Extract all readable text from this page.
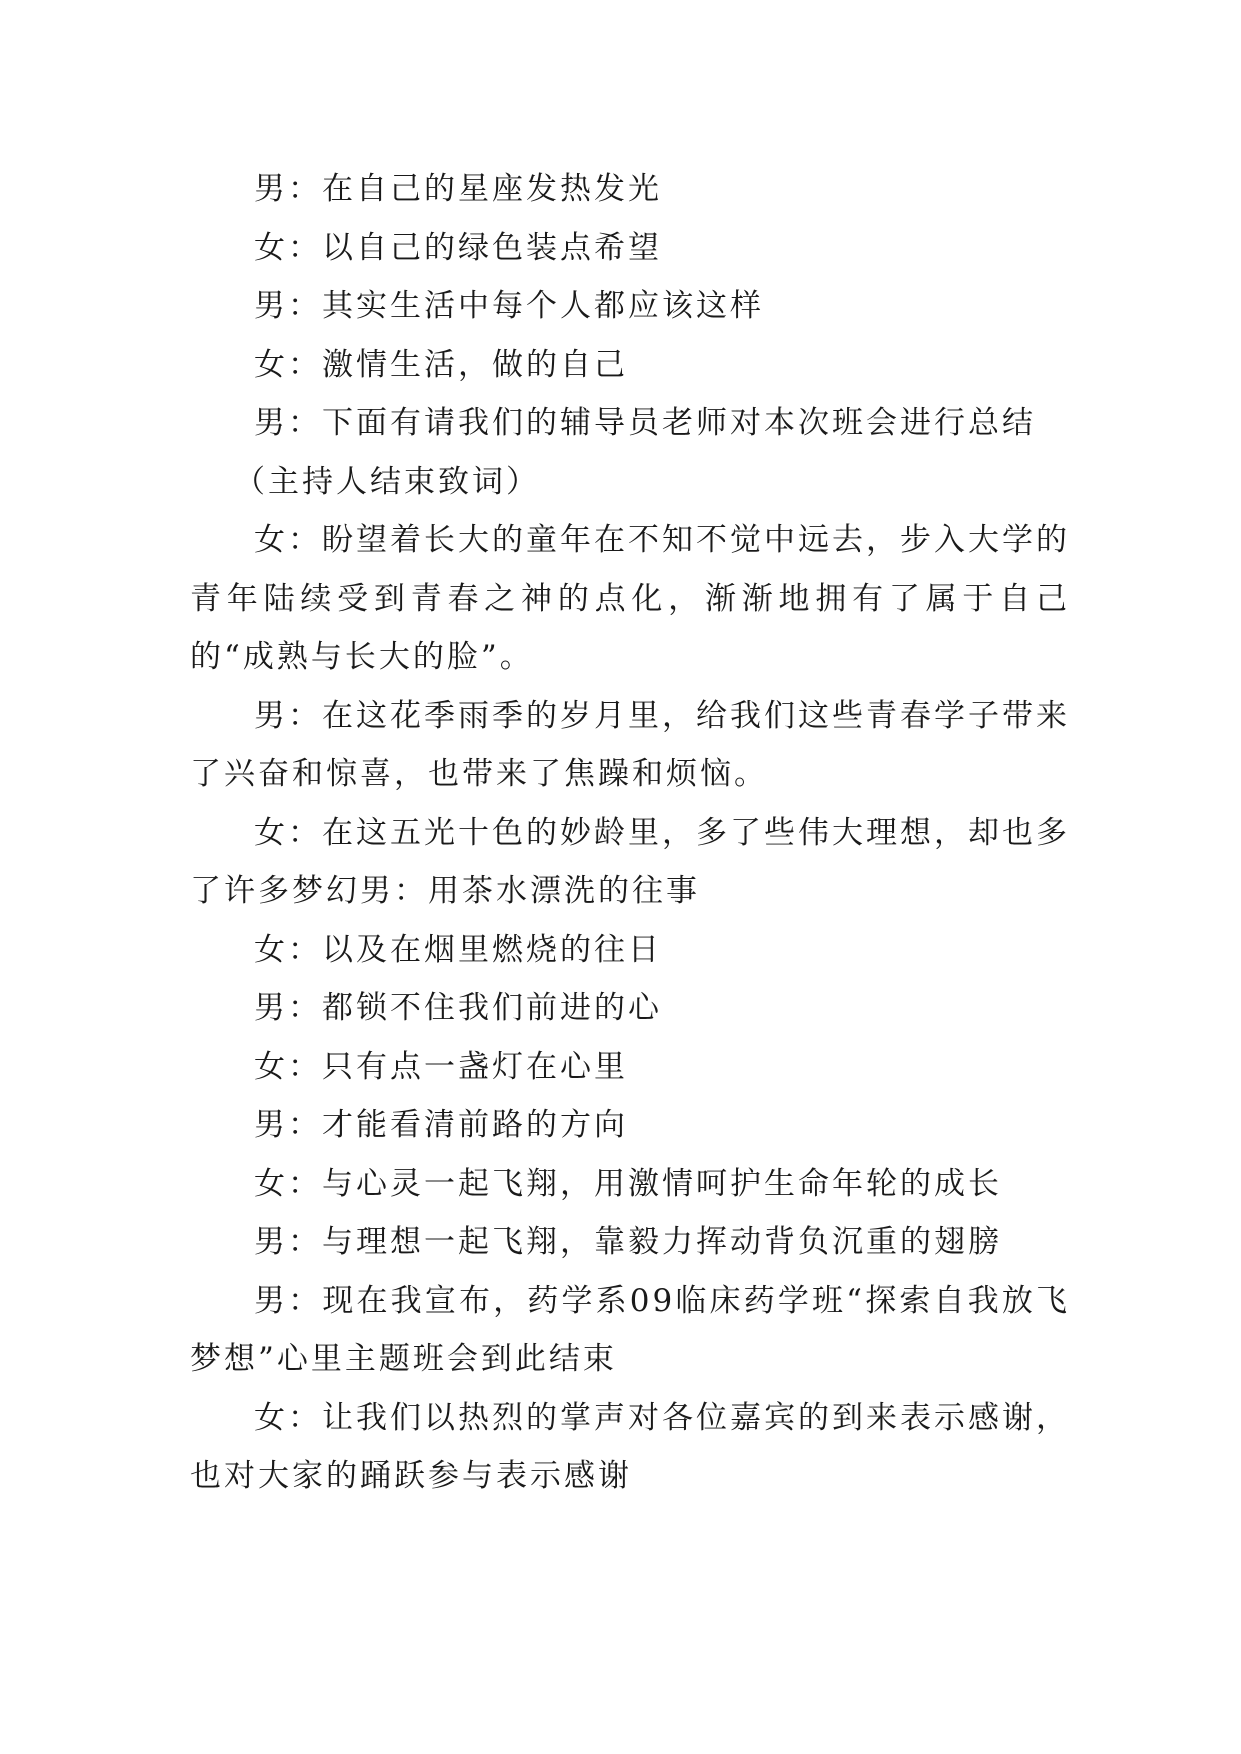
男：在自己的星座发热发光

女：以自己的绿色装点希望

男：其实生活中每个人都应该这样

女：激情生活，做的自己

男：下面有请我们的辅导员老师对本次班会进行总结

（主持人结束致词）

女：盼望着长大的童年在不知不觉中远去，步入大学的青年陆续受到青春之神的点化，渐渐地拥有了属于自己的“成熟与长大的脸”。

男：在这花季雨季的岁月里，给我们这些青春学子带来了兴奋和惊喜，也带来了焦躁和烦恼。

女：在这五光十色的妙龄里，多了些伟大理想，却也多了许多梦幻男：用茶水漂洗的往事

女：以及在烟里燃烧的往日

男：都锁不住我们前进的心

女：只有点一盏灯在心里

男：才能看清前路的方向

女：与心灵一起飞翔，用激情呵护生命年轮的成长

男：与理想一起飞翔，靠毅力挥动背负沉重的翅膀

男：现在我宣布，药学系09临床药学班“探索自我放飞梦想”心里主题班会到此结束

女：让我们以热烈的掌声对各位嘉宾的到来表示感谢，也对大家的踊跃参与表示感谢
